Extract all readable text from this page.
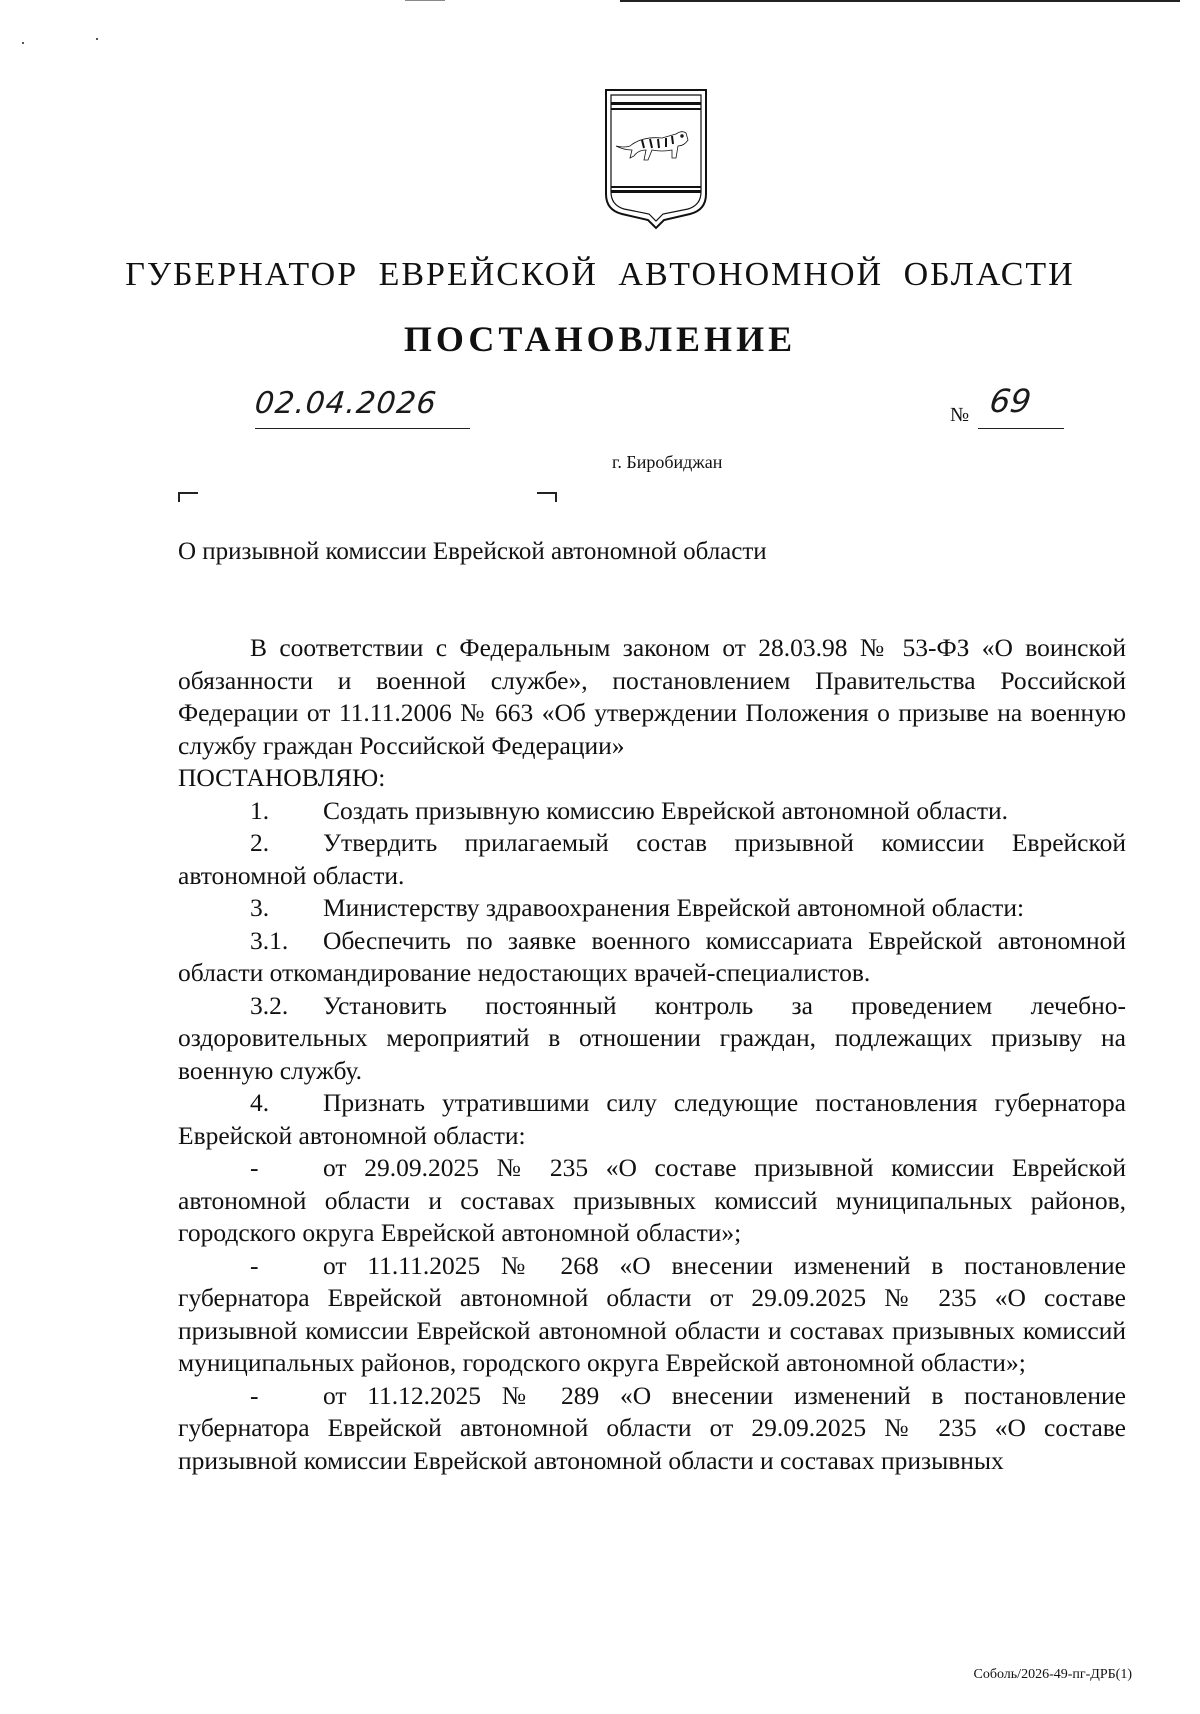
ГУБЕРНАТОР ЕВРЕЙСКОЙ АВТОНОМНОЙ ОБЛАСТИ
ПОСТАНОВЛЕНИЕ
02.04.2026	№ 69
г. Биробиджан
О призывной комиссии Еврейской автономной области

В соответствии с Федеральным законом от 28.03.98 № 53-ФЗ «О воинской обязанности и военной службе», постановлением Правительства Российской Федерации от 11.11.2006 № 663 «Об утверждении Положения о призыве на военную службу граждан Российской Федерации»

ПОСТАНОВЛЯЮ:

1. Создать призывную комиссию Еврейской автономной области.

2. Утвердить прилагаемый состав призывной комиссии Еврейской автономной области.

3. Министерству здравоохранения Еврейской автономной области:

3.1. Обеспечить по заявке военного комиссариата Еврейской автономной области откомандирование недостающих врачей-специалистов.

3.2. Установить постоянный контроль за проведением лечебно-оздоровительных мероприятий в отношении граждан, подлежащих призыву на военную службу.

4. Признать утратившими силу следующие постановления губернатора Еврейской автономной области:

-	от 29.09.2025 № 235 «О составе призывной комиссии Еврейской автономной области и составах призывных комиссий муниципальных районов, городского округа Еврейской автономной области»;

-	от 11.11.2025 № 268 «О внесении изменений в постановление губернатора Еврейской автономной области от 29.09.2025 № 235 «О составе призывной комиссии Еврейской автономной области и составах призывных комиссий муниципальных районов, городского округа Еврейской автономной области»;

-	от 11.12.2025 № 289 «О внесении изменений в постановление губернатора Еврейской автономной области от 29.09.2025 № 235 «О составе призывной комиссии Еврейской автономной области и составах призывных

Соболь/2026-49-пг-ДРБ(1)
